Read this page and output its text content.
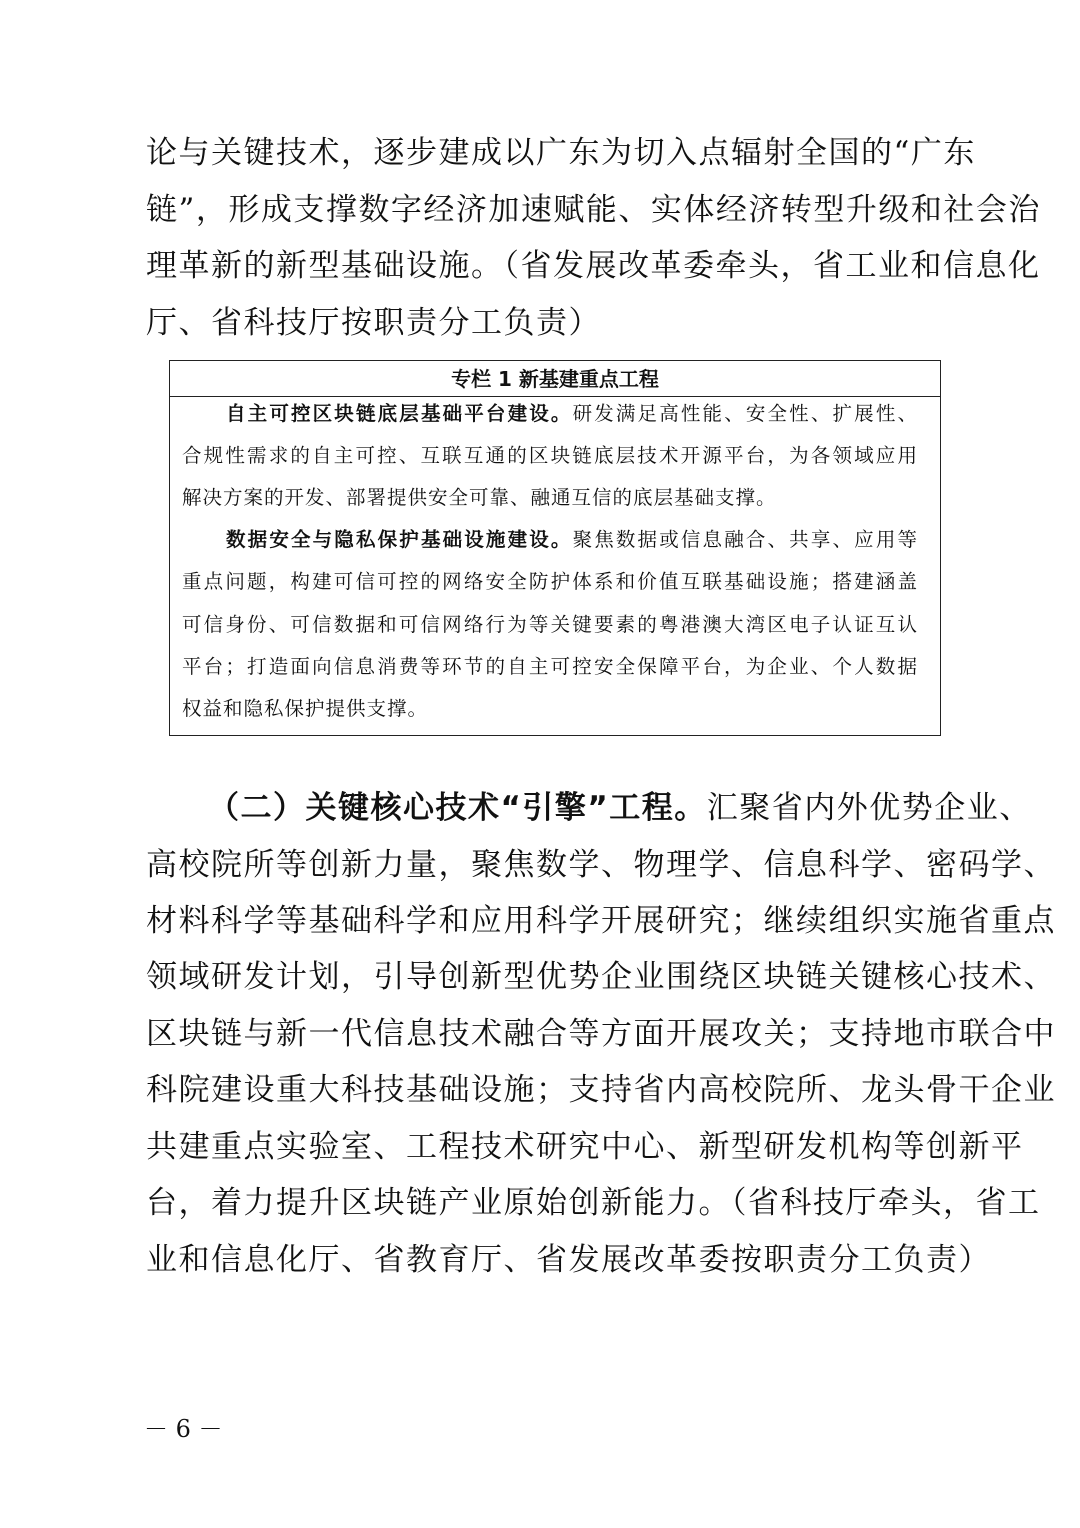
论与关键技术，逐步建成以广东为切入点辐射全国的“广东
链”，形成支撑数字经济加速赋能、实体经济转型升级和社会治
理革新的新型基础设施。（省发展改革委牵头，省工业和信息化
厅、省科技厅按职责分工负责）
专栏 1 新基建重点工程
自主可控区块链底层基础平台建设。研发满足高性能、安全性、扩展性、
合规性需求的自主可控、互联互通的区块链底层技术开源平台，为各领域应用
解决方案的开发、部署提供安全可靠、融通互信的底层基础支撑。
数据安全与隐私保护基础设施建设。聚焦数据或信息融合、共享、应用等
重点问题，构建可信可控的网络安全防护体系和价值互联基础设施；搭建涵盖
可信身份、可信数据和可信网络行为等关键要素的粤港澳大湾区电子认证互认
平台；打造面向信息消费等环节的自主可控安全保障平台，为企业、个人数据
权益和隐私保护提供支撑。
（二）关键核心技术“引擎”工程。汇聚省内外优势企业、
高校院所等创新力量，聚焦数学、物理学、信息科学、密码学、
材料科学等基础科学和应用科学开展研究；继续组织实施省重点
领域研发计划，引导创新型优势企业围绕区块链关键核心技术、
区块链与新一代信息技术融合等方面开展攻关；支持地市联合中
科院建设重大科技基础设施；支持省内高校院所、龙头骨干企业
共建重点实验室、工程技术研究中心、新型研发机构等创新平
台，着力提升区块链产业原始创新能力。（省科技厅牵头，省工
业和信息化厅、省教育厅、省发展改革委按职责分工负责）
－ 6 －
